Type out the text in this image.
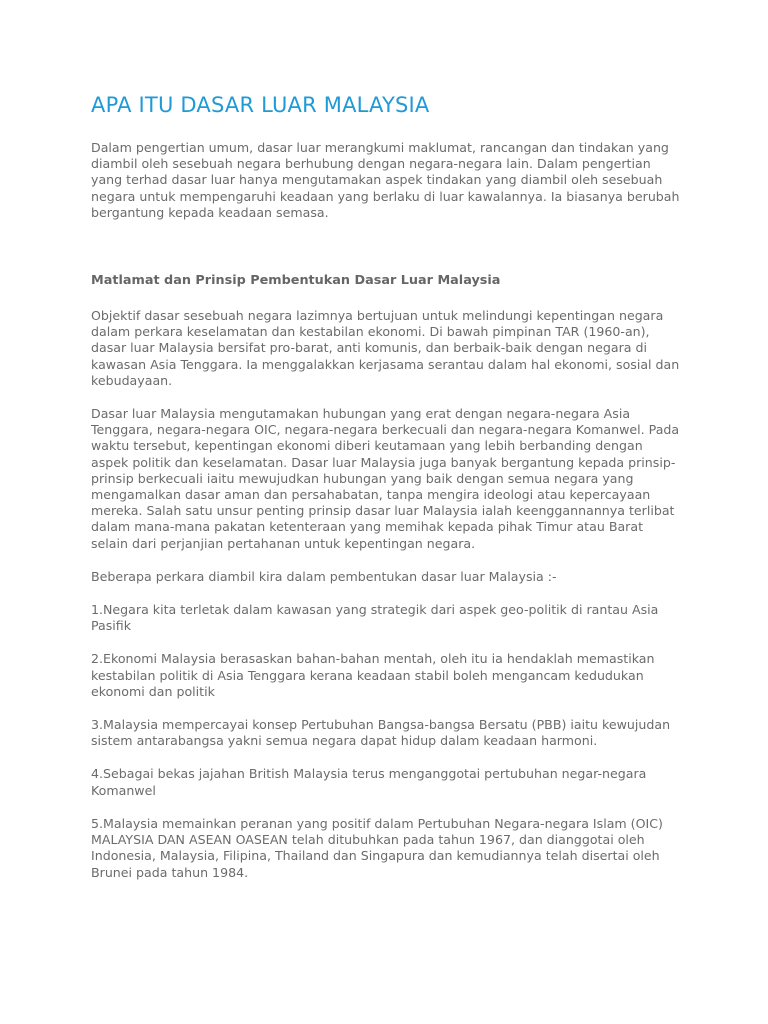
APA ITU DASAR LUAR MALAYSIA

Dalam pengertian umum, dasar luar merangkumi maklumat, rancangan dan tindakan yang diambil oleh sesebuah negara berhubung dengan negara-negara lain. Dalam pengertian yang terhad dasar luar hanya mengutamakan aspek tindakan yang diambil oleh sesebuah negara untuk mempengaruhi keadaan yang berlaku di luar kawalannya. Ia biasanya berubah bergantung kepada keadaan semasa.

Matlamat dan Prinsip Pembentukan Dasar Luar Malaysia

Objektif dasar sesebuah negara lazimnya bertujuan untuk melindungi kepentingan negara dalam perkara keselamatan dan kestabilan ekonomi. Di bawah pimpinan TAR (1960-an), dasar luar Malaysia bersifat pro-barat, anti komunis, dan berbaik-baik dengan negara di kawasan Asia Tenggara. Ia menggalakkan kerjasama serantau dalam hal ekonomi, sosial dan kebudayaan.

Dasar luar Malaysia mengutamakan hubungan yang erat dengan negara-negara Asia Tenggara, negara-negara OIC, negara-negara berkecuali dan negara-negara Komanwel. Pada waktu tersebut, kepentingan ekonomi diberi keutamaan yang lebih berbanding dengan aspek politik dan keselamatan. Dasar luar Malaysia juga banyak bergantung kepada prinsip-prinsip berkecuali iaitu mewujudkan hubungan yang baik dengan semua negara yang mengamalkan dasar aman dan persahabatan, tanpa mengira ideologi atau kepercayaan mereka. Salah satu unsur penting prinsip dasar luar Malaysia ialah keenggannannya terlibat dalam mana-mana pakatan ketenteraan yang memihak kepada pihak Timur atau Barat selain dari perjanjian pertahanan untuk kepentingan negara.

Beberapa perkara diambil kira dalam pembentukan dasar luar Malaysia :-

1.Negara kita terletak dalam kawasan yang strategik dari aspek geo-politik di rantau Asia Pasifik
2.Ekonomi Malaysia berasaskan bahan-bahan mentah, oleh itu ia hendaklah memastikan kestabilan politik di Asia Tenggara kerana keadaan stabil boleh mengancam kedudukan ekonomi dan politik
3.Malaysia mempercayai konsep Pertubuhan Bangsa-bangsa Bersatu (PBB) iaitu kewujudan sistem antarabangsa yakni semua negara dapat hidup dalam keadaan harmoni.
4.Sebagai bekas jajahan British Malaysia terus menganggotai pertubuhan negar-negara Komanwel
5.Malaysia memainkan peranan yang positif dalam Pertubuhan Negara-negara Islam (OIC) MALAYSIA DAN ASEAN OASEAN telah ditubuhkan pada tahun 1967, dan dianggotai oleh Indonesia, Malaysia, Filipina, Thailand dan Singapura dan kemudiannya telah disertai oleh Brunei pada tahun 1984.
